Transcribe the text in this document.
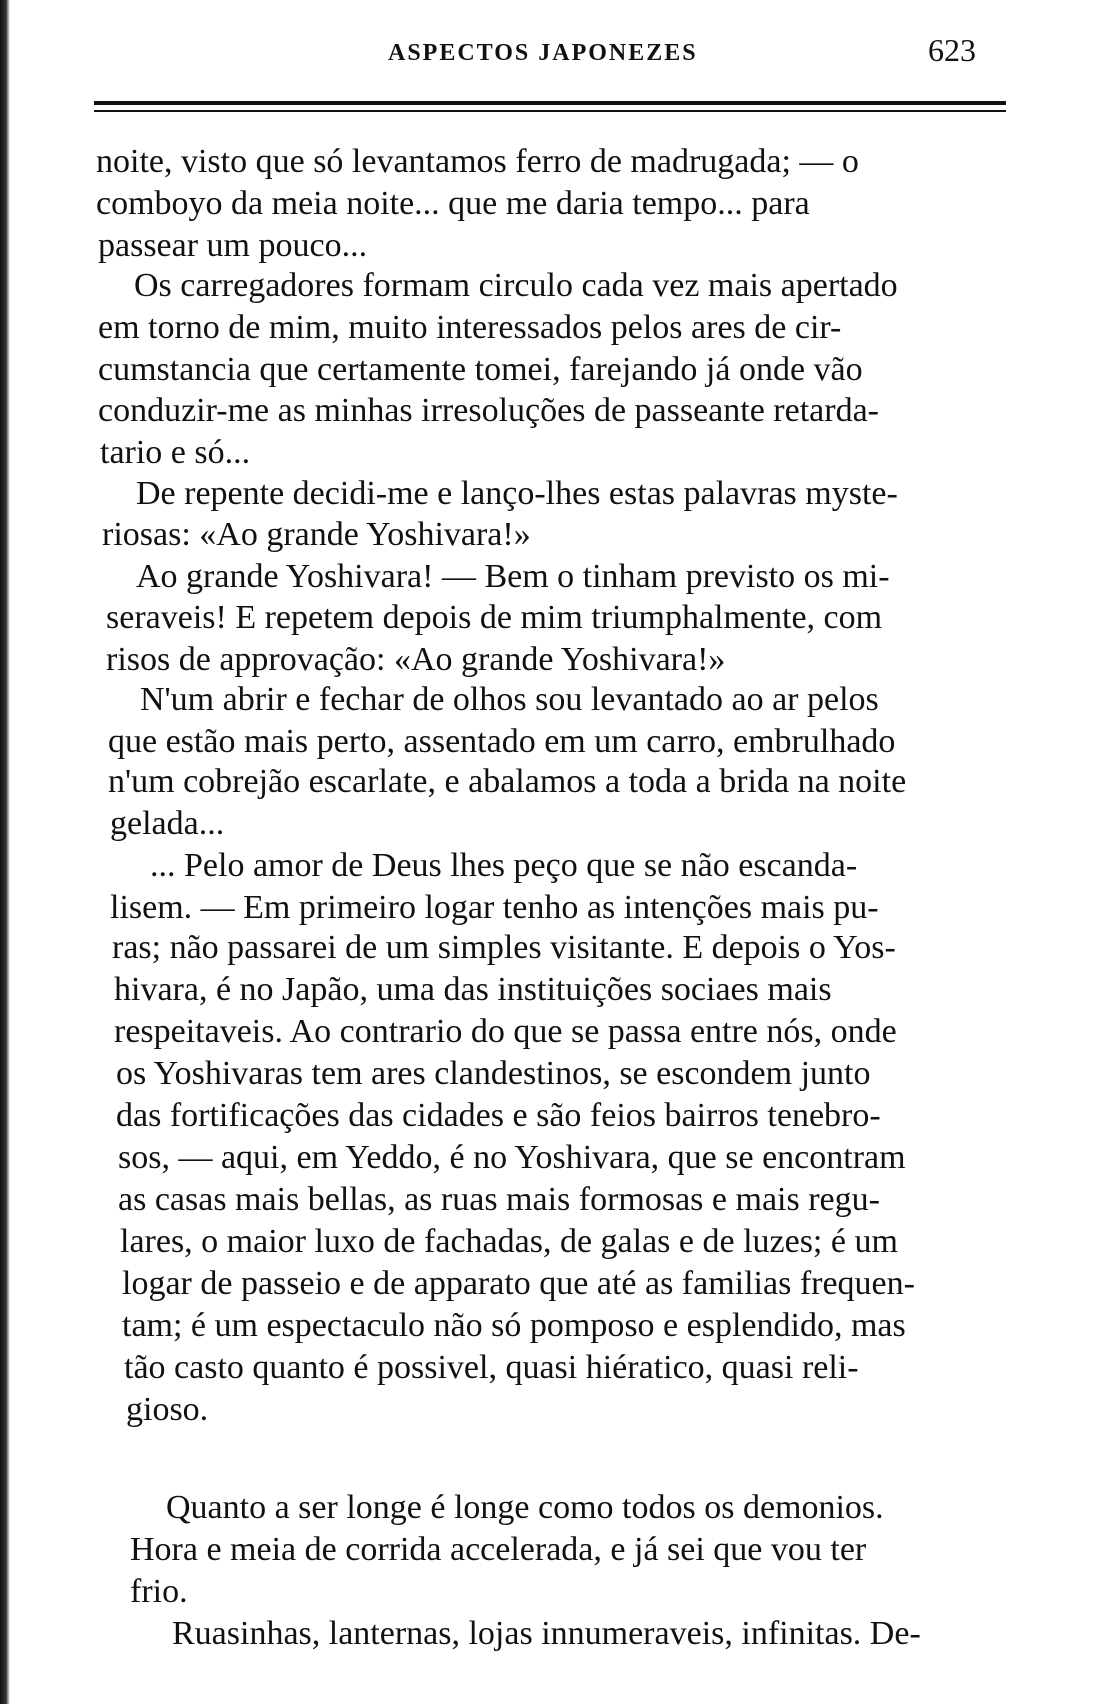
ASPECTOS JAPONEZES	623
noite, visto que só levantamos ferro de madrugada; — o
comboyo da meia noite... que me daria tempo... para
passear um pouco...
Os carregadores formam circulo cada vez mais apertado
em torno de mim, muito interessados pelos ares de cir-
cumstancia que certamente tomei, farejando já onde vão
conduzir-me as minhas irresoluções de passeante retarda-
tario e só...
De repente decidi-me e lanço-lhes estas palavras myste-
riosas: «Ao grande Yoshivara!»
Ao grande Yoshivara! — Bem o tinham previsto os mi-
seraveis! E repetem depois de mim triumphalmente, com
risos de approvação: «Ao grande Yoshivara!»
N'um abrir e fechar de olhos sou levantado ao ar pelos
que estão mais perto, assentado em um carro, embrulhado
n'um cobrejão escarlate, e abalamos a toda a brida na noite
gelada...
... Pelo amor de Deus lhes peço que se não escanda-
lisem. — Em primeiro logar tenho as intenções mais pu-
ras; não passarei de um simples visitante. E depois o Yos-
hivara, é no Japão, uma das instituições sociaes mais
respeitaveis. Ao contrario do que se passa entre nós, onde
os Yoshivaras tem ares clandestinos, se escondem junto
das fortificações das cidades e são feios bairros tenebro-
sos, — aqui, em Yeddo, é no Yoshivara, que se encontram
as casas mais bellas, as ruas mais formosas e mais regu-
lares, o maior luxo de fachadas, de galas e de luzes; é um
logar de passeio e de apparato que até as familias frequen-
tam; é um espectaculo não só pomposo e esplendido, mas
tão casto quanto é possivel, quasi hiératico, quasi reli-
gioso.
Quanto a ser longe é longe como todos os demonios.
Hora e meia de corrida accelerada, e já sei que vou ter
frio.
Ruasinhas, lanternas, lojas innumeraveis, infinitas. De-
